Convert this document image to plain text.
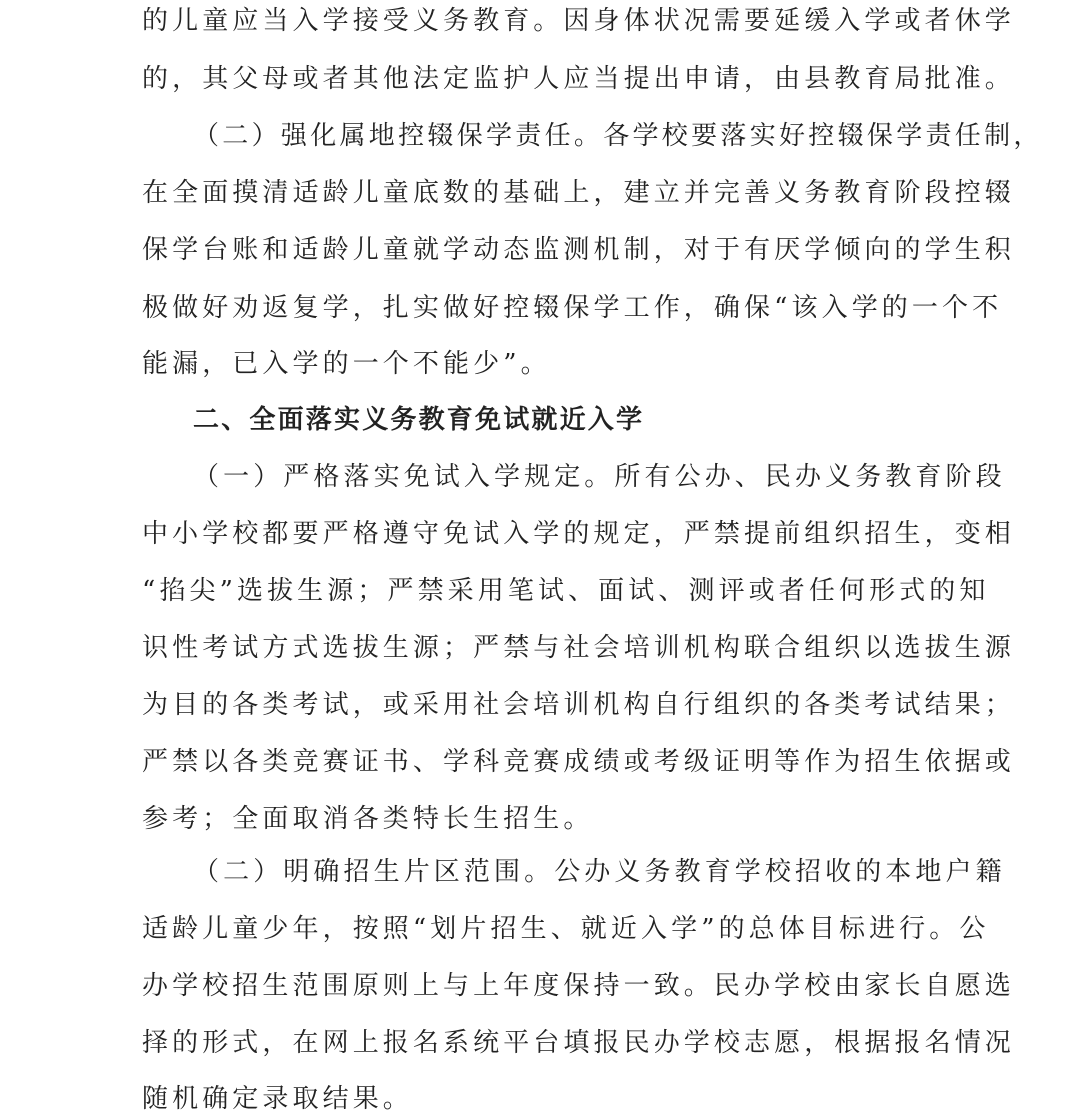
的儿童应当入学接受义务教育。因身体状况需要延缓入学或者休学
的，其父母或者其他法定监护人应当提出申请，由县教育局批准。
（二）强化属地控辍保学责任。各学校要落实好控辍保学责任制，
在全面摸清适龄儿童底数的基础上，建立并完善义务教育阶段控辍
保学台账和适龄儿童就学动态监测机制，对于有厌学倾向的学生积
极做好劝返复学，扎实做好控辍保学工作，确保“该入学的一个不
能漏，已入学的一个不能少”。
二、全面落实义务教育免试就近入学
（一）严格落实免试入学规定。所有公办、民办义务教育阶段
中小学校都要严格遵守免试入学的规定，严禁提前组织招生，变相
“掐尖”选拔生源；严禁采用笔试、面试、测评或者任何形式的知
识性考试方式选拔生源；严禁与社会培训机构联合组织以选拔生源
为目的各类考试，或采用社会培训机构自行组织的各类考试结果；
严禁以各类竞赛证书、学科竞赛成绩或考级证明等作为招生依据或
参考；全面取消各类特长生招生。
（二）明确招生片区范围。公办义务教育学校招收的本地户籍
适龄儿童少年，按照“划片招生、就近入学”的总体目标进行。公
办学校招生范围原则上与上年度保持一致。民办学校由家长自愿选
择的形式，在网上报名系统平台填报民办学校志愿，根据报名情况
随机确定录取结果。
